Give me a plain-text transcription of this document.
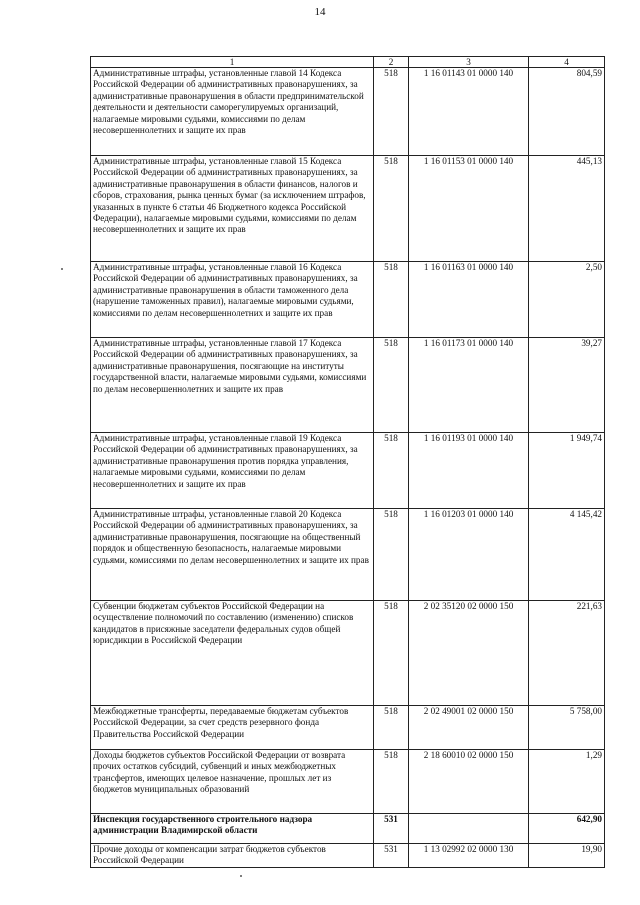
14
1	2	3	4
Административные штрафы, установленные главой 14 Кодекса Российской Федерации об административных правонарушениях, за административные правонарушения в области предпринимательской деятельности и деятельности саморегулируемых организаций, налагаемые мировыми судьями, комиссиями по делам несовершеннолетних и защите их прав	518	1 16 01143 01 0000 140	804,59
Административные штрафы, установленные главой 15 Кодекса Российской Федерации об административных правонарушениях, за административные правонарушения в области финансов, налогов и сборов, страхования, рынка ценных бумаг (за исключением штрафов, указанных в пункте 6 статьи 46 Бюджетного кодекса Российской Федерации), налагаемые мировыми судьями, комиссиями по делам несовершеннолетних и защите их прав	518	1 16 01153 01 0000 140	445,13
Административные штрафы, установленные главой 16 Кодекса Российской Федерации об административных правонарушениях, за административные правонарушения в области таможенного дела (нарушение таможенных правил), налагаемые мировыми судьями, комиссиями по делам несовершеннолетних и защите их прав	518	1 16 01163 01 0000 140	2,50
Административные штрафы, установленные главой 17 Кодекса Российской Федерации об административных правонарушениях, за административные правонарушения, посягающие на институты государственной власти, налагаемые мировыми судьями, комиссиями по делам несовершеннолетних и защите их прав	518	1 16 01173 01 0000 140	39,27
Административные штрафы, установленные главой 19 Кодекса Российской Федерации об административных правонарушениях, за административные правонарушения против порядка управления, налагаемые мировыми судьями, комиссиями по делам несовершеннолетних и защите их прав	518	1 16 01193 01 0000 140	1 949,74
Административные штрафы, установленные главой 20 Кодекса Российской Федерации об административных правонарушениях, за административные правонарушения, посягающие на общественный порядок и общественную безопасность, налагаемые мировыми судьями, комиссиями по делам несовершеннолетних и защите их прав	518	1 16 01203 01 0000 140	4 145,42
Субвенции бюджетам субъектов Российской Федерации на осуществление полномочий по составлению (изменению) списков кандидатов в присяжные заседатели федеральных судов общей юрисдикции в Российской Федерации	518	2 02 35120 02 0000 150	221,63
Межбюджетные трансферты, передаваемые бюджетам субъектов Российской Федерации, за счет средств резервного фонда Правительства Российской Федерации	518	2 02 49001 02 0000 150	5 758,00
Доходы бюджетов субъектов Российской Федерации от возврата прочих остатков субсидий, субвенций и иных межбюджетных трансфертов, имеющих целевое назначение, прошлых лет из бюджетов муниципальных образований	518	2 18 60010 02 0000 150	1,29
Инспекция государственного строительного надзора администрации Владимирской области	531		642,90
Прочие доходы от компенсации затрат бюджетов субъектов Российской Федерации	531	1 13 02992 02 0000 130	19,90
